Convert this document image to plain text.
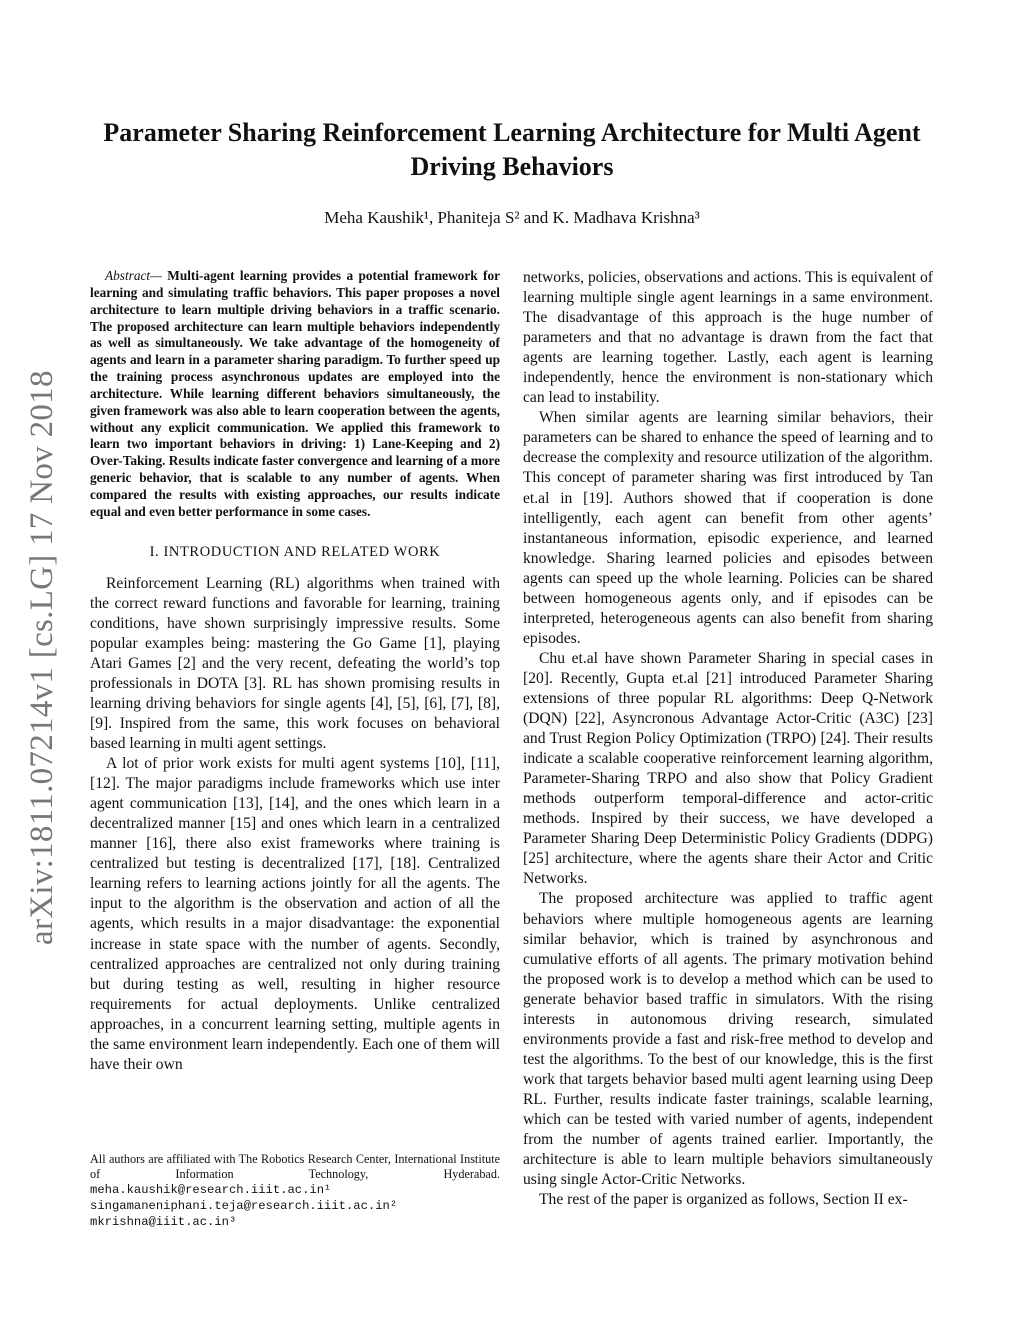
arXiv:1811.07214v1 [cs.LG] 17 Nov 2018
Parameter Sharing Reinforcement Learning Architecture for Multi Agent Driving Behaviors
Meha Kaushik¹, Phaniteja S² and K. Madhava Krishna³

Abstract— Multi-agent learning provides a potential framework for learning and simulating traffic behaviors. This paper proposes a novel architecture to learn multiple driving behaviors in a traffic scenario. The proposed architecture can learn multiple behaviors independently as well as simultaneously. We take advantage of the homogeneity of agents and learn in a parameter sharing paradigm. To further speed up the training process asynchronous updates are employed into the architecture. While learning different behaviors simultaneously, the given framework was also able to learn cooperation between the agents, without any explicit communication. We applied this framework to learn two important behaviors in driving: 1) Lane-Keeping and 2) Over-Taking. Results indicate faster convergence and learning of a more generic behavior, that is scalable to any number of agents. When compared the results with existing approaches, our results indicate equal and even better performance in some cases.

I. INTRODUCTION AND RELATED WORK

Reinforcement Learning (RL) algorithms when trained with the correct reward functions and favorable for learning, training conditions, have shown surprisingly impressive results. Some popular examples being: mastering the Go Game [1], playing Atari Games [2] and the very recent, defeating the world’s top professionals in DOTA [3]. RL has shown promising results in learning driving behaviors for single agents [4], [5], [6], [7], [8], [9]. Inspired from the same, this work focuses on behavioral based learning in multi agent settings.

A lot of prior work exists for multi agent systems [10], [11], [12]. The major paradigms include frameworks which use inter agent communication [13], [14], and the ones which learn in a decentralized manner [15] and ones which learn in a centralized manner [16], there also exist frameworks where training is centralized but testing is decentralized [17], [18]. Centralized learning refers to learning actions jointly for all the agents. The input to the algorithm is the observation and action of all the agents, which results in a major disadvantage: the exponential increase in state space with the number of agents. Secondly, centralized approaches are centralized not only during training but during testing as well, resulting in higher resource requirements for actual deployments. Unlike centralized approaches, in a concurrent learning setting, multiple agents in the same environment learn independently. Each one of them will have their own

networks, policies, observations and actions. This is equivalent of learning multiple single agent learnings in a same environment. The disadvantage of this approach is the huge number of parameters and that no advantage is drawn from the fact that agents are learning together. Lastly, each agent is learning independently, hence the environment is non-stationary which can lead to instability.

When similar agents are learning similar behaviors, their parameters can be shared to enhance the speed of learning and to decrease the complexity and resource utilization of the algorithm. This concept of parameter sharing was first introduced by Tan et.al in [19]. Authors showed that if cooperation is done intelligently, each agent can benefit from other agents’ instantaneous information, episodic experience, and learned knowledge. Sharing learned policies and episodes between agents can speed up the whole learning. Policies can be shared between homogeneous agents only, and if episodes can be interpreted, heterogeneous agents can also benefit from sharing episodes.

Chu et.al have shown Parameter Sharing in special cases in [20]. Recently, Gupta et.al [21] introduced Parameter Sharing extensions of three popular RL algorithms: Deep Q-Network (DQN) [22], Asyncronous Advantage Actor-Critic (A3C) [23] and Trust Region Policy Optimization (TRPO) [24]. Their results indicate a scalable cooperative reinforcement learning algorithm, Parameter-Sharing TRPO and also show that Policy Gradient methods outperform temporal-difference and actor-critic methods. Inspired by their success, we have developed a Parameter Sharing Deep Deterministic Policy Gradients (DDPG) [25] architecture, where the agents share their Actor and Critic Networks.

The proposed architecture was applied to traffic agent behaviors where multiple homogeneous agents are learning similar behavior, which is trained by asynchronous and cumulative efforts of all agents. The primary motivation behind the proposed work is to develop a method which can be used to generate behavior based traffic in simulators. With the rising interests in autonomous driving research, simulated environments provide a fast and risk-free method to develop and test the algorithms. To the best of our knowledge, this is the first work that targets behavior based multi agent learning using Deep RL. Further, results indicate faster trainings, scalable learning, which can be tested with varied number of agents, independent from the number of agents trained earlier. Importantly, the architecture is able to learn multiple behaviors simultaneously using single Actor-Critic Networks.

The rest of the paper is organized as follows, Section II ex-

All authors are affiliated with The Robotics Research Center, International Institute of Information Technology, Hyderabad. meha.kaushik@research.iiit.ac.in¹
singamaneniphani.teja@research.iiit.ac.in²
mkrishna@iiit.ac.in³
